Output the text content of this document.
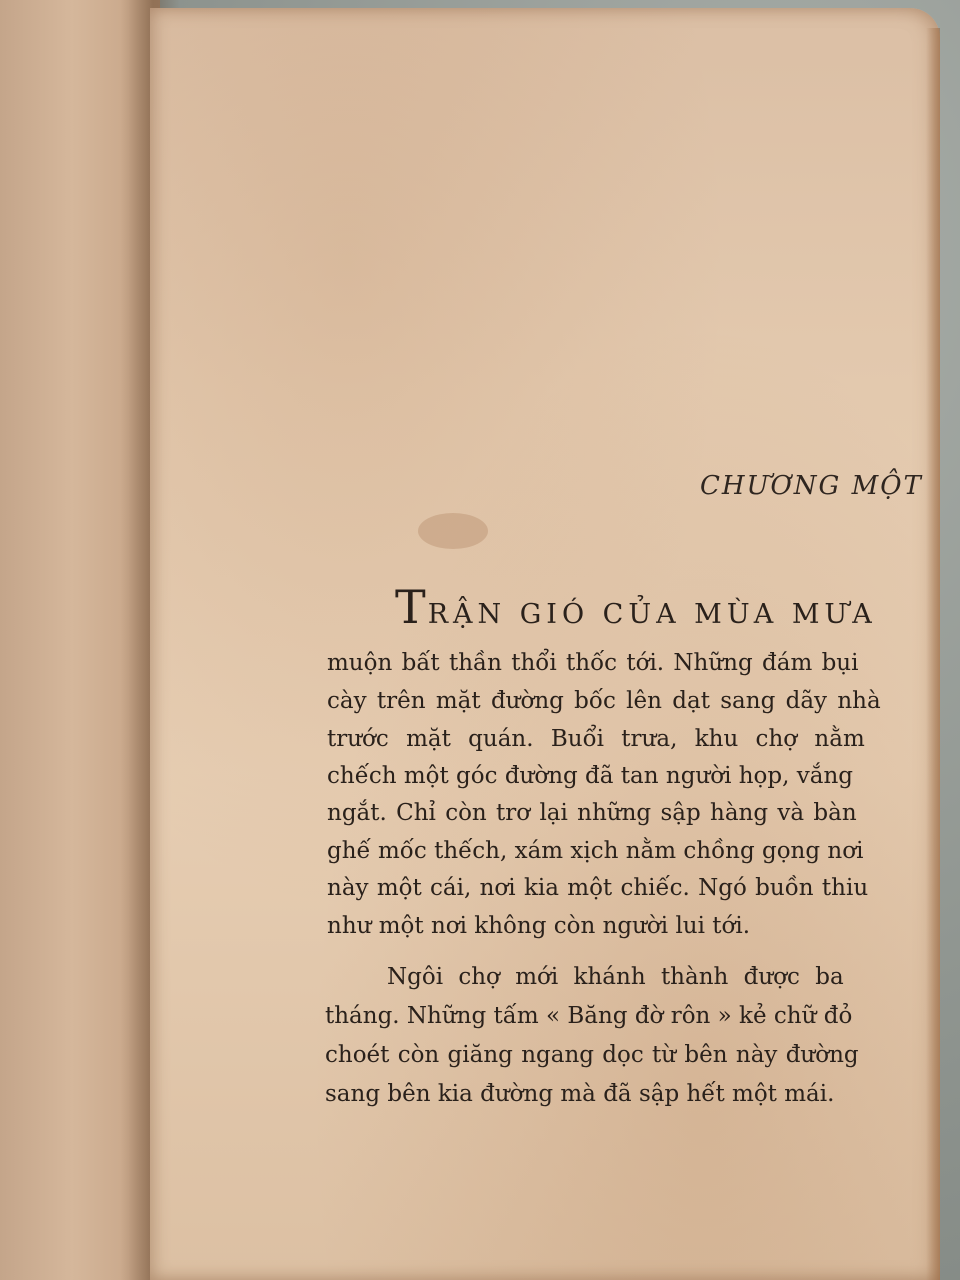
CHƯƠNG MỘT
TRẬN GIÓ CỦA MÙA MƯA
muộn bất thần thổi thốc tới. Những đám bụi
cày trên mặt đường bốc lên dạt sang dãy nhà
trước mặt quán. Buổi trưa, khu chợ nằm
chếch một góc đường đã tan người họp, vắng
ngắt. Chỉ còn trơ lại những sập hàng và bàn
ghế mốc thếch, xám xịch nằm chồng gọng nơi
này một cái, nơi kia một chiếc. Ngó buồn thiu
như một nơi không còn người lui tới.
Ngôi chợ mới khánh thành được ba
tháng. Những tấm « Băng đờ rôn » kẻ chữ đỏ
choét còn giăng ngang dọc từ bên này đường
sang bên kia đường mà đã sập hết một mái.
